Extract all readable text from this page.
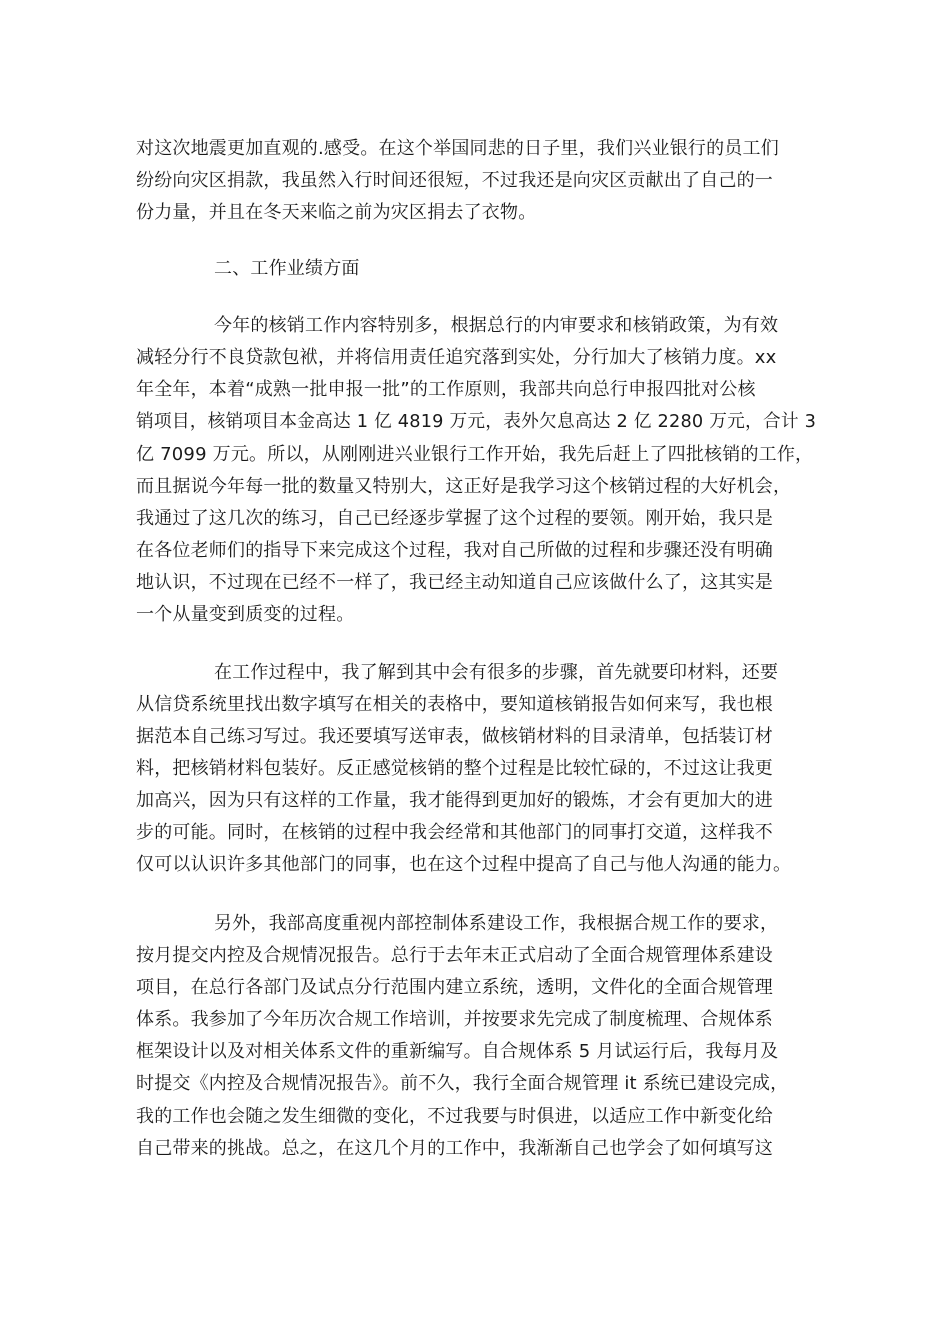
对这次地震更加直观的.感受。在这个举国同悲的日子里，我们兴业银行的员工们
纷纷向灾区捐款，我虽然入行时间还很短，不过我还是向灾区贡献出了自己的一
份力量，并且在冬天来临之前为灾区捐去了衣物。
二、工作业绩方面
今年的核销工作内容特别多，根据总行的内审要求和核销政策，为有效
减轻分行不良贷款包袱，并将信用责任追究落到实处，分行加大了核销力度。xx
年全年，本着“成熟一批申报一批”的工作原则，我部共向总行申报四批对公核
销项目，核销项目本金高达 1 亿 4819 万元，表外欠息高达 2 亿 2280 万元，合计 3
亿 7099 万元。所以，从刚刚进兴业银行工作开始，我先后赶上了四批核销的工作，
而且据说今年每一批的数量又特别大，这正好是我学习这个核销过程的大好机会，
我通过了这几次的练习，自己已经逐步掌握了这个过程的要领。刚开始，我只是
在各位老师们的指导下来完成这个过程，我对自己所做的过程和步骤还没有明确
地认识，不过现在已经不一样了，我已经主动知道自己应该做什么了，这其实是
一个从量变到质变的过程。
在工作过程中，我了解到其中会有很多的步骤，首先就要印材料，还要
从信贷系统里找出数字填写在相关的表格中，要知道核销报告如何来写，我也根
据范本自己练习写过。我还要填写送审表，做核销材料的目录清单，包括装订材
料，把核销材料包装好。反正感觉核销的整个过程是比较忙碌的，不过这让我更
加高兴，因为只有这样的工作量，我才能得到更加好的锻炼，才会有更加大的进
步的可能。同时，在核销的过程中我会经常和其他部门的同事打交道，这样我不
仅可以认识许多其他部门的同事，也在这个过程中提高了自己与他人沟通的能力。
另外，我部高度重视内部控制体系建设工作，我根据合规工作的要求，
按月提交内控及合规情况报告。总行于去年末正式启动了全面合规管理体系建设
项目，在总行各部门及试点分行范围内建立系统，透明，文件化的全面合规管理
体系。我参加了今年历次合规工作培训，并按要求先完成了制度梳理、合规体系
框架设计以及对相关体系文件的重新编写。自合规体系 5 月试运行后，我每月及
时提交《内控及合规情况报告》。前不久，我行全面合规管理 it 系统已建设完成，
我的工作也会随之发生细微的变化，不过我要与时俱进，以适应工作中新变化给
自己带来的挑战。总之，在这几个月的工作中，我渐渐自己也学会了如何填写这
